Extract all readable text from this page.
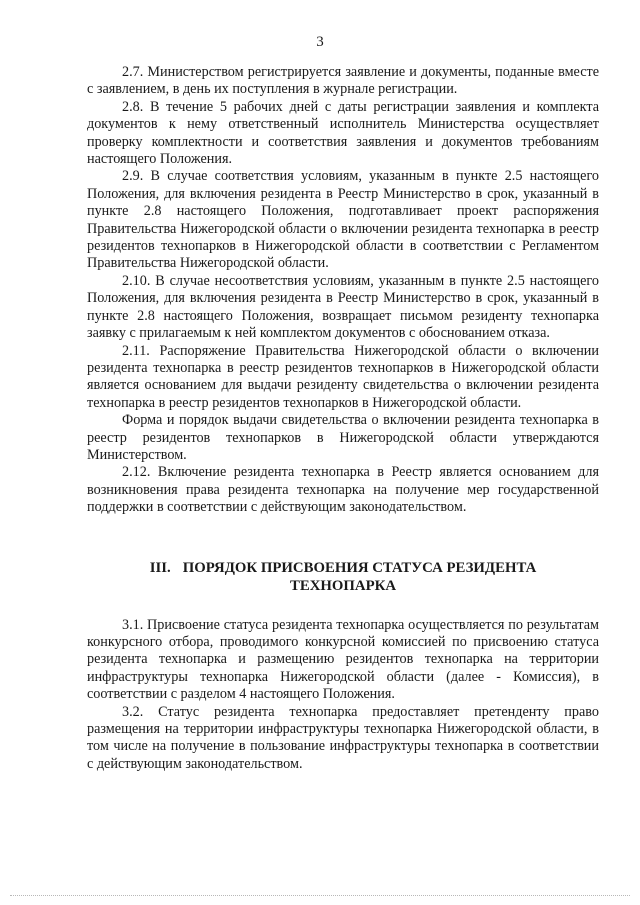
3

2.7. Министерством регистрируется заявление и документы, поданные вместе с заявлением, в день их поступления в журнале регистрации.

2.8. В течение 5 рабочих дней с даты регистрации заявления и комплекта документов к нему ответственный исполнитель Министерства осуществляет проверку комплектности и соответствия заявления и документов требованиям настоящего Положения.

2.9. В случае соответствия условиям, указанным в пункте 2.5 настоящего Положения, для включения резидента в Реестр Министерство в срок, указанный в пункте 2.8 настоящего Положения, подготавливает проект распоряжения Правительства Нижегородской области о включении резидента технопарка в реестр резидентов технопарков в Нижегородской области в соответствии с Регламентом Правительства Нижегородской области.

2.10. В случае несоответствия условиям, указанным в пункте 2.5 настоящего Положения, для включения резидента в Реестр Министерство в срок, указанный в пункте 2.8 настоящего Положения, возвращает письмом резиденту технопарка заявку с прилагаемым к ней комплектом документов с обоснованием отказа.

2.11. Распоряжение Правительства Нижегородской области о включении резидента технопарка в реестр резидентов технопарков в Нижегородской области является основанием для выдачи резиденту свидетельства о включении резидента технопарка в реестр резидентов технопарков в Нижегородской области.

Форма и порядок выдачи свидетельства о включении резидента технопарка в реестр резидентов технопарков в Нижегородской области утверждаются Министерством.

2.12. Включение резидента технопарка в Реестр является основанием для возникновения права резидента технопарка на получение мер государственной поддержки в соответствии с действующим законодательством.

III. ПОРЯДОК ПРИСВОЕНИЯ СТАТУСА РЕЗИДЕНТА
ТЕХНОПАРКА

3.1. Присвоение статуса резидента технопарка осуществляется по результатам конкурсного отбора, проводимого конкурсной комиссией по присвоению статуса резидента технопарка и размещению резидентов технопарка на территории инфраструктуры технопарка Нижегородской области (далее - Комиссия), в соответствии с разделом 4 настоящего Положения.

3.2. Статус резидента технопарка предоставляет претенденту право размещения на территории инфраструктуры технопарка Нижегородской области, в том числе на получение в пользование инфраструктуры технопарка в соответствии с действующим законодательством.
